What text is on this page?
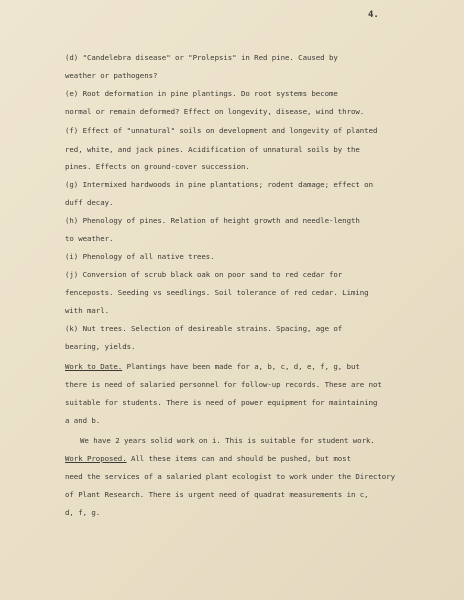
4.
(d) "Candelebra disease" or "Prolepsis" in Red pine. Caused by
weather or pathogens?
(e) Root deformation in pine plantings. Do root systems become
normal or remain deformed? Effect on longevity, disease, wind throw.
(f) Effect of "unnatural" soils on development and longevity of planted
red, white, and jack pines. Acidification of unnatural soils by the
pines. Effects on ground-cover succession.
(g) Intermixed hardwoods in pine plantations; rodent damage; effect on
duff decay.
(h) Phenology of pines. Relation of height growth and needle-length
to weather.
(i) Phenology of all native trees.
(j) Conversion of scrub black oak on poor sand to red cedar for
fenceposts. Seeding vs seedlings. Soil tolerance of red cedar. Liming
with marl.
(k) Nut trees. Selection of desireable strains. Spacing, age of
bearing, yields.
Work to Date. Plantings have been made for a, b, c, d, e, f, g, but
there is need of salaried personnel for follow-up records. These are not
suitable for students. There is need of power equipment for maintaining
a and b.
We have 2 years solid work on i. This is suitable for student work.
Work Proposed. All these items can and should be pushed, but most
need the services of a salaried plant ecologist to work under the Directory
of Plant Research. There is urgent need of quadrat measurements in c,
d, f, g.
